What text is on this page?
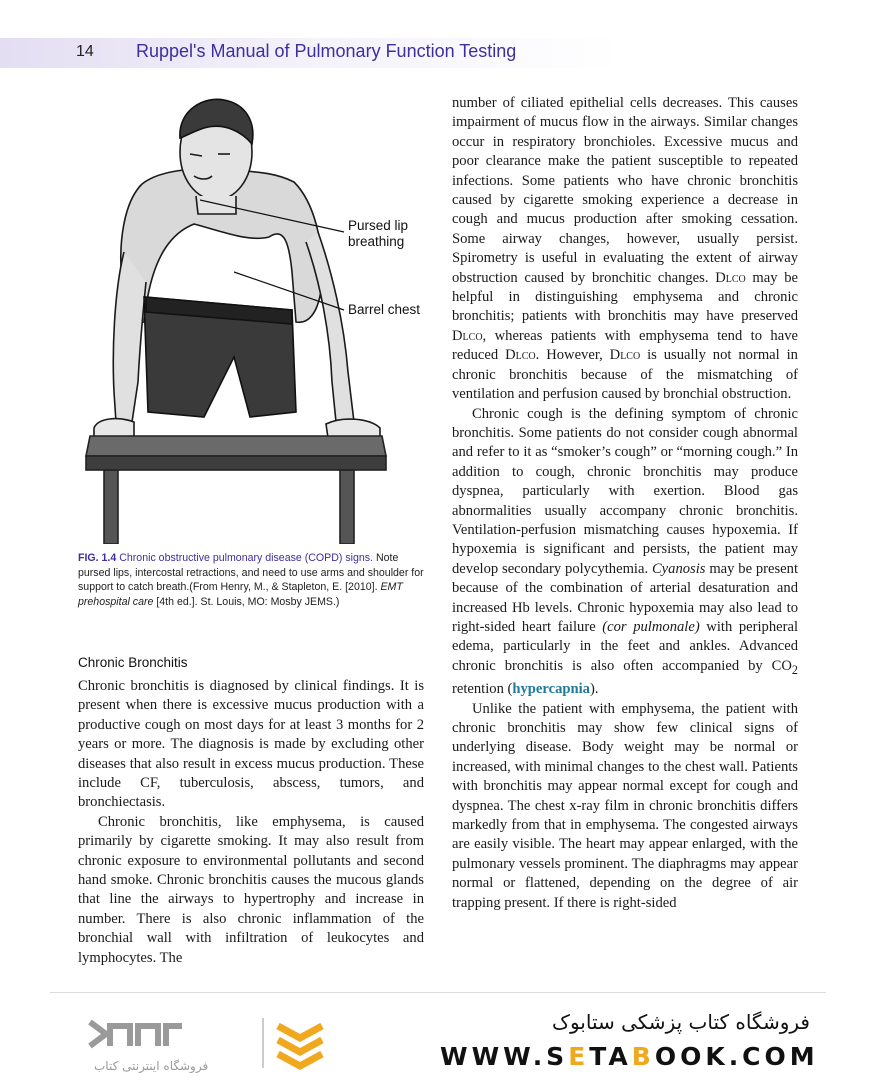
14 Ruppel's Manual of Pulmonary Function Testing
Pursed lip
breathing
Barrel chest
FIG. 1.4 Chronic obstructive pulmonary disease (COPD) signs. Note pursed lips, intercostal retractions, and need to use arms and shoulder for support to catch breath.(From Henry, M., & Stapleton, E. [2010]. EMT prehospital care [4th ed.]. St. Louis, MO: Mosby JEMS.)
Chronic Bronchitis

Chronic bronchitis is diagnosed by clinical findings. It is present when there is excessive mucus production with a productive cough on most days for at least 3 months for 2 years or more. The diagnosis is made by excluding other diseases that also result in excess mucus production. These include CF, tuberculosis, abscess, tumors, and bronchiectasis.

Chronic bronchitis, like emphysema, is caused primarily by cigarette smoking. It may also result from chronic exposure to environmental pollutants and second hand smoke. Chronic bronchitis causes the mucous glands that line the airways to hypertrophy and increase in number. There is also chronic inflammation of the bronchial wall with infiltration of leukocytes and lymphocytes. The

number of ciliated epithelial cells decreases. This causes impairment of mucus flow in the airways. Similar changes occur in respiratory bronchioles. Excessive mucus and poor clearance make the patient susceptible to repeated infections. Some patients who have chronic bronchitis caused by cigarette smoking experience a decrease in cough and mucus production after smoking cessation. Some airway changes, however, usually persist. Spirometry is useful in evaluating the extent of airway obstruction caused by bronchitic changes. Dlco may be helpful in distinguishing emphysema and chronic bronchitis; patients with bronchitis may have preserved Dlco, whereas patients with emphysema tend to have reduced Dlco. However, Dlco is usually not normal in chronic bronchitis because of the mismatching of ventilation and perfusion caused by bronchial obstruction.

Chronic cough is the defining symptom of chronic bronchitis. Some patients do not consider cough abnormal and refer to it as “smoker’s cough” or “morning cough.” In addition to cough, chronic bronchitis may produce dyspnea, particularly with exertion. Blood gas abnormalities usually accompany chronic bronchitis. Ventilation-perfusion mismatching causes hypoxemia. If hypoxemia is significant and persists, the patient may develop secondary polycythemia. Cyanosis may be present because of the combination of arterial desaturation and increased Hb levels. Chronic hypoxemia may also lead to right-sided heart failure (cor pulmonale) with peripheral edema, particularly in the feet and ankles. Advanced chronic bronchitis is also often accompanied by $CO_2$ retention (hypercapnia).

Unlike the patient with emphysema, the patient with chronic bronchitis may show few clinical signs of underlying disease. Body weight may be normal or increased, with minimal changes to the chest wall. Patients with bronchitis may appear normal except for cough and dyspnea. The chest x-ray film in chronic bronchitis differs markedly from that in emphysema. The congested airways are easily visible. The heart may appear enlarged, with the pulmonary vessels prominent. The diaphragms may appear normal or flattened, depending on the degree of air trapping present. If there is right-sided

فروشگاه اینترنتی کتاب
فروشگاه کتاب پزشکی ستابوک
WWW.SETABOOK.COM
